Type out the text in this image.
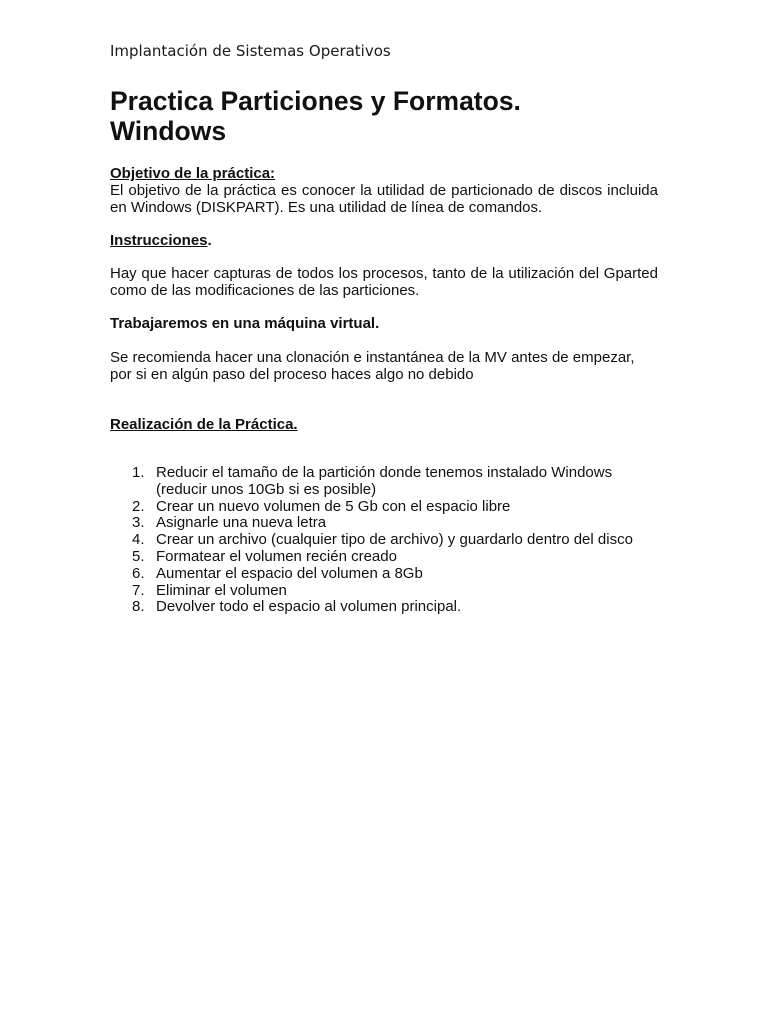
Implantación de Sistemas Operativos
Practica Particiones y Formatos.
Windows
Objetivo de la práctica:
El objetivo de la práctica es conocer la utilidad de particionado de discos incluida en Windows (DISKPART). Es una utilidad de línea de comandos.
Instrucciones.
Hay que hacer capturas de todos los procesos, tanto de la utilización del Gparted como de las modificaciones de las particiones.
Trabajaremos en una máquina virtual.
Se recomienda hacer una clonación e instantánea de la MV antes de empezar,
por si en algún paso del proceso haces algo no debido
Realización de la Práctica.
1. Reducir el tamaño de la partición donde tenemos instalado Windows
(reducir unos 10Gb si es posible)
2. Crear un nuevo volumen de 5 Gb con el espacio libre
3. Asignarle una nueva letra
4. Crear un archivo (cualquier tipo de archivo) y guardarlo dentro del disco
5. Formatear el volumen recién creado
6. Aumentar el espacio del volumen a 8Gb
7. Eliminar el volumen
8. Devolver todo el espacio al volumen principal.
